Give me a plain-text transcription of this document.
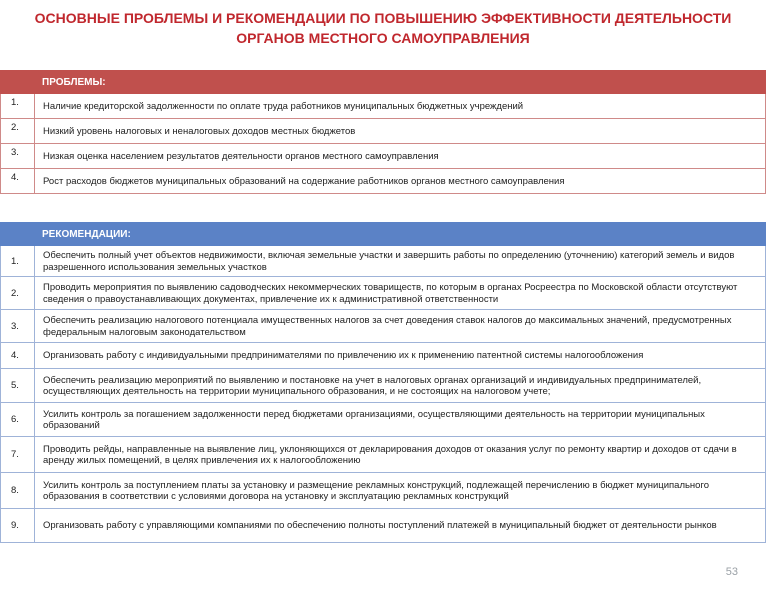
ОСНОВНЫЕ ПРОБЛЕМЫ И РЕКОМЕНДАЦИИ ПО ПОВЫШЕНИЮ ЭФФЕКТИВНОСТИ ДЕЯТЕЛЬНОСТИ
ОРГАНОВ МЕСТНОГО САМОУПРАВЛЕНИЯ
ПРОБЛЕМЫ:
1.	Наличие кредиторской задолженности по оплате труда работников муниципальных бюджетных учреждений
2.	Низкий уровень налоговых и неналоговых доходов местных бюджетов
3.	Низкая оценка населением результатов деятельности органов местного самоуправления
4.	Рост расходов бюджетов муниципальных образований на содержание работников органов местного самоуправления
РЕКОМЕНДАЦИИ:
1.	Обеспечить полный учет объектов недвижимости, включая земельные участки и завершить работы по определению (уточнению) категорий земель и видов разрешенного использования земельных участков
2.	Проводить мероприятия по выявлению садоводческих некоммерческих товариществ, по которым в органах Росреестра по Московской области отсутствуют сведения о правоустанавливающих документах, привлечение их к административной ответственности
3.	Обеспечить реализацию налогового потенциала имущественных налогов за счет доведения ставок налогов до максимальных значений, предусмотренных федеральным налоговым законодательством
4.	Организовать работу с индивидуальными предпринимателями по привлечению их к применению патентной системы налогообложения
5.	Обеспечить реализацию мероприятий по выявлению и постановке на учет в налоговых органах организаций и индивидуальных предпринимателей, осуществляющих деятельность на территории муниципального образования, и не состоящих на налоговом учете;
6.	Усилить контроль за погашением задолженности перед бюджетами организациями, осуществляющими деятельность на территории муниципальных образований
7.	Проводить рейды, направленные на выявление лиц, уклоняющихся от декларирования доходов от оказания услуг по ремонту квартир и доходов от сдачи в аренду жилых помещений, в целях привлечения их к налогообложению
8.	Усилить контроль за поступлением платы за установку и размещение рекламных конструкций, подлежащей перечислению в бюджет муниципального образования в соответствии с условиями договора на установку и эксплуатацию рекламных конструкций
9.	Организовать работу с управляющими компаниями по обеспечению полноты поступлений платежей в муниципальный бюджет от деятельности рынков
53
